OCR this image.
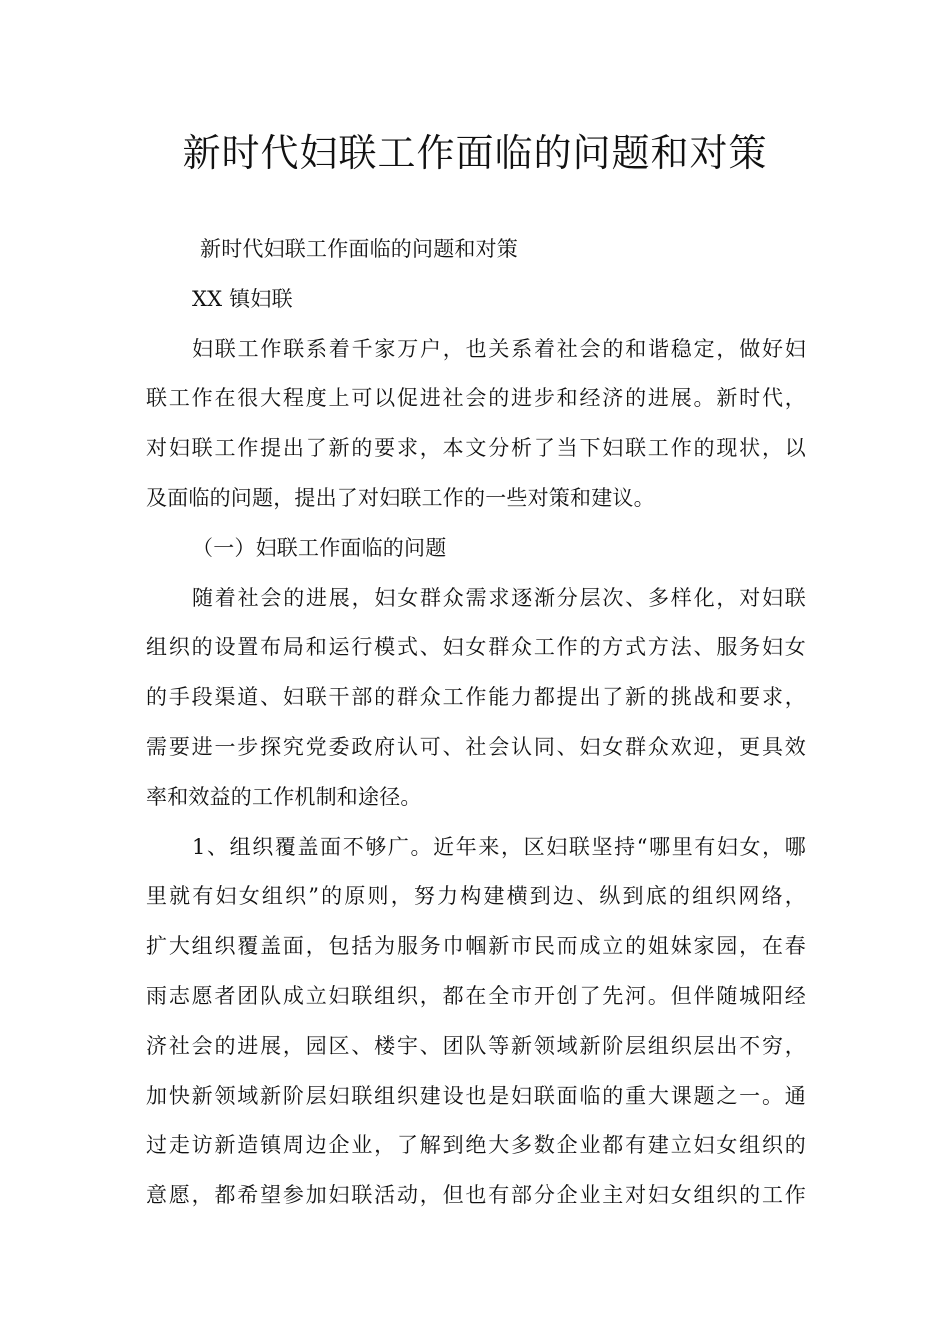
新时代妇联工作面临的问题和对策
新时代妇联工作面临的问题和对策
XX 镇妇联
妇联工作联系着千家万户，也关系着社会的和谐稳定，做好妇
联工作在很大程度上可以促进社会的进步和经济的进展。新时代，
对妇联工作提出了新的要求，本文分析了当下妇联工作的现状，以
及面临的问题，提出了对妇联工作的一些对策和建议。
（一）妇联工作面临的问题
随着社会的进展，妇女群众需求逐渐分层次、多样化，对妇联
组织的设置布局和运行模式、妇女群众工作的方式方法、服务妇女
的手段渠道、妇联干部的群众工作能力都提出了新的挑战和要求，
需要进一步探究党委政府认可、社会认同、妇女群众欢迎，更具效
率和效益的工作机制和途径。
1、组织覆盖面不够广。近年来，区妇联坚持“哪里有妇女，哪
里就有妇女组织”的原则，努力构建横到边、纵到底的组织网络，
扩大组织覆盖面，包括为服务巾帼新市民而成立的姐妹家园，在春
雨志愿者团队成立妇联组织，都在全市开创了先河。但伴随城阳经
济社会的进展，园区、楼宇、团队等新领域新阶层组织层出不穷，
加快新领域新阶层妇联组织建设也是妇联面临的重大课题之一。通
过走访新造镇周边企业，了解到绝大多数企业都有建立妇女组织的
意愿，都希望参加妇联活动，但也有部分企业主对妇女组织的工作
